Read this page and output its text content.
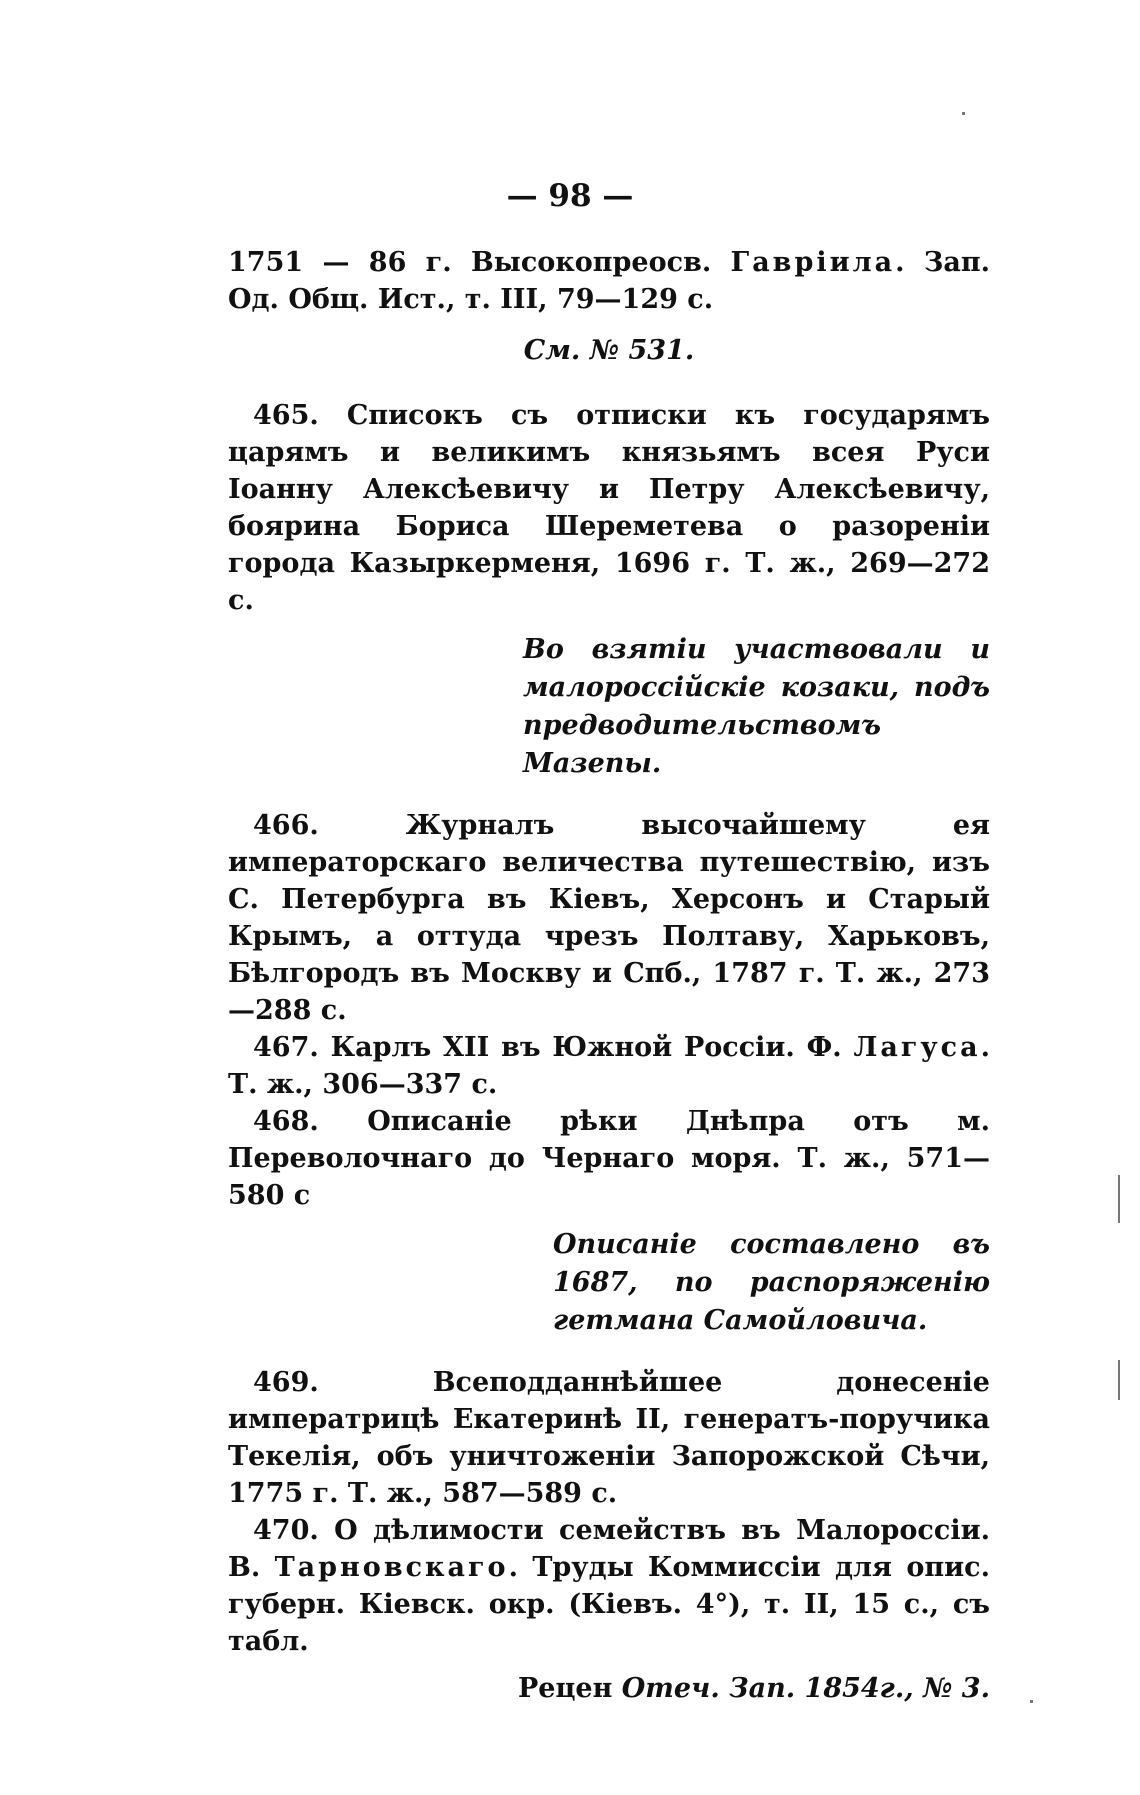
— 98 —

1751 — 86 г. Высокопреосв. Гавріила. Зап. Од. Общ. Ист., т. III, 79—129 с.

См. № 531.

465. Списокъ съ отписки къ государямъ царямъ и великимъ князьямъ всея Руси Іоанну Алексѣевичу и Петру Алексѣевичу, боярина Бориса Шереметева о разореніи города Казыркерменя, 1696 г. Т. ж., 269—272 с.

Во взятіи участвовали и малороссійскіе козаки, подъ предводительствомъ Мазепы.

466. Журналъ высочайшему ея императорскаго величества путешествію, изъ С. Петербурга въ Кіевъ, Херсонъ и Старый Крымъ, а оттуда чрезъ Полтаву, Харьковъ, Бѣлгородъ въ Москву и Спб., 1787 г. Т. ж., 273—288 с.

467. Карлъ XII въ Южной Россіи. Ф. Лагуса. Т. ж., 306—337 с.

468. Описаніе рѣки Днѣпра отъ м. Переволочнаго до Чернаго моря. Т. ж., 571—580 с

Описаніе составлено въ 1687, по распоряженію гетмана Самойловича.

469. Всеподданнѣйшее донесеніе императрицѣ Екатеринѣ II, генератъ-поручика Текелія, объ уничтоженіи Запорожской Сѣчи, 1775 г. Т. ж., 587—589 с.

470. О дѣлимости семействъ въ Малороссіи. В. Тарновскаго. Труды Коммиссіи для опис. губерн. Кіевск. окр. (Кіевъ. 4°), т. II, 15 с., съ табл.

Рецен Отеч. Зап. 1854г., № 3.
